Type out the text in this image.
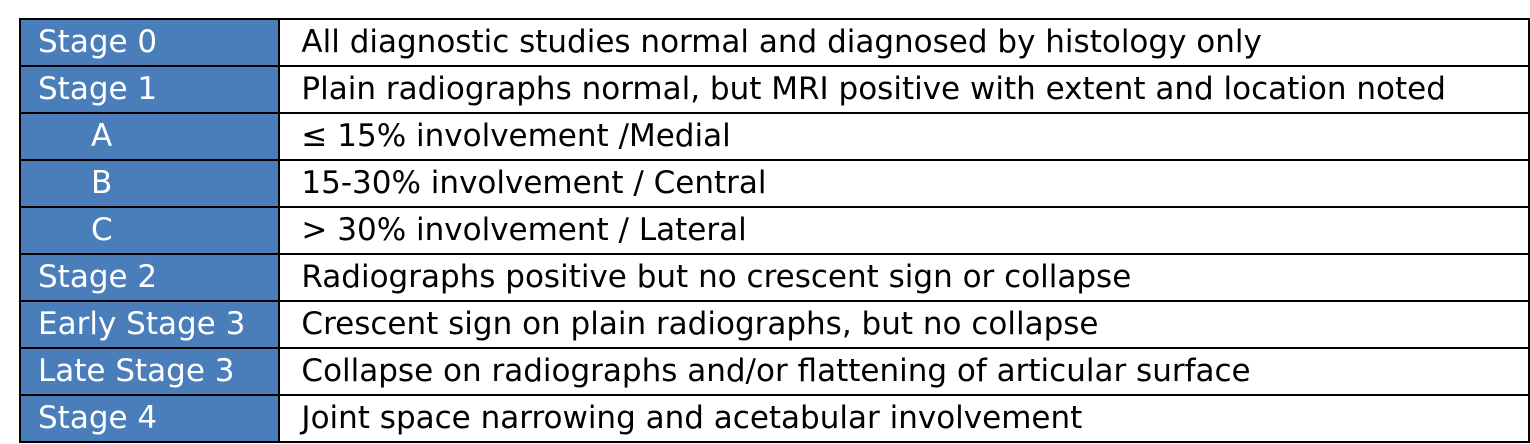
Stage 0	All diagnostic studies normal and diagnosed by histology only
Stage 1	Plain radiographs normal, but MRI positive with extent and location noted
A	≤ 15% involvement /Medial
B	15-30% involvement / Central
C	> 30% involvement / Lateral
Stage 2	Radiographs positive but no crescent sign or collapse
Early Stage 3	Crescent sign on plain radiographs, but no collapse
Late Stage 3	Collapse on radiographs and/or flattening of articular surface
Stage 4	Joint space narrowing and acetabular involvement
